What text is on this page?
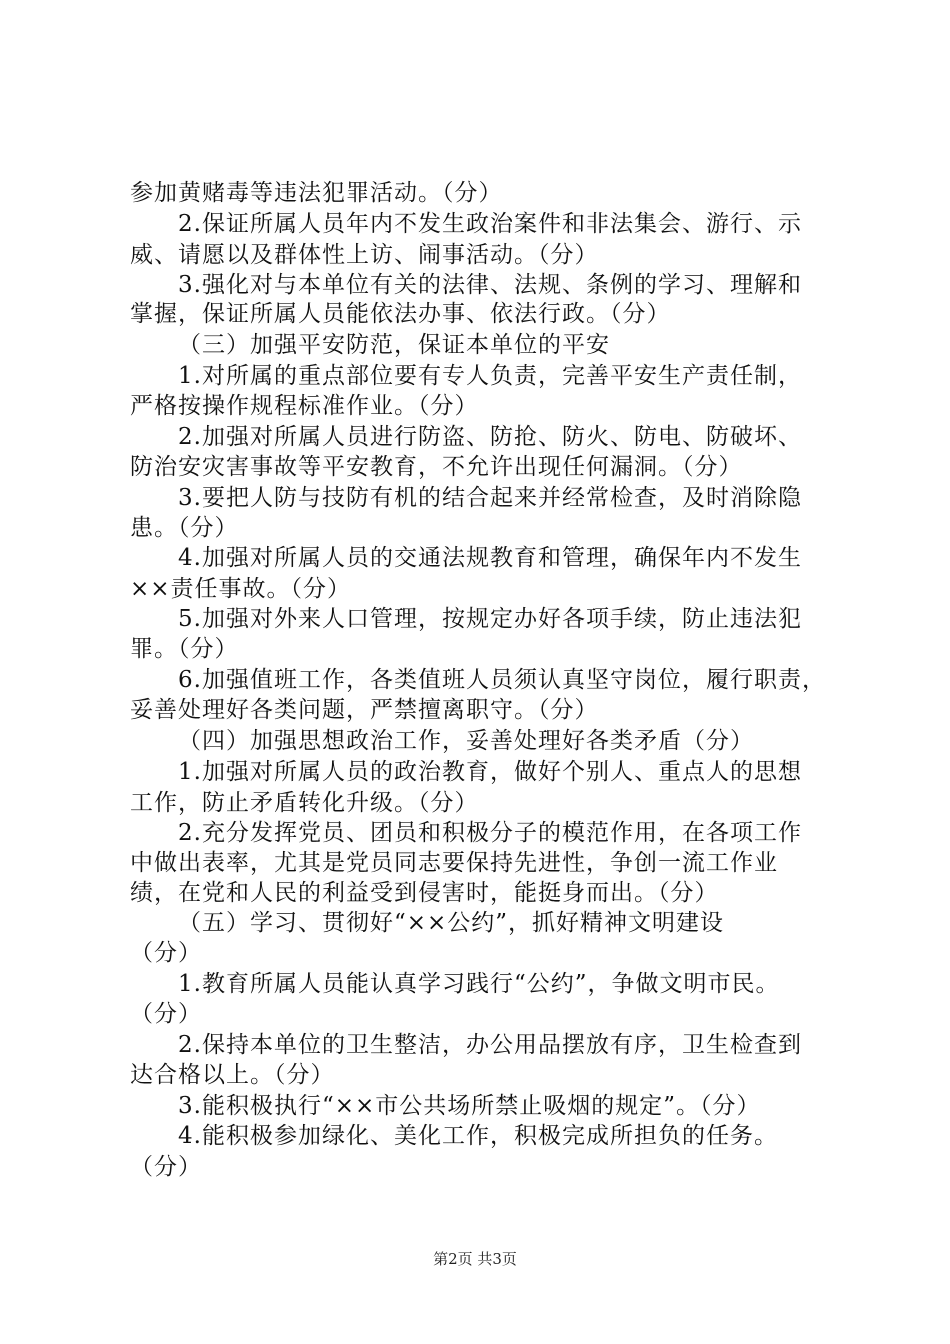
参加黄赌毒等违法犯罪活动。（分）
2.保证所属人员年内不发生政治案件和非法集会、游行、示
威、请愿以及群体性上访、闹事活动。（分）
3.强化对与本单位有关的法律、法规、条例的学习、理解和
掌握，保证所属人员能依法办事、依法行政。（分）
（三）加强平安防范，保证本单位的平安
1.对所属的重点部位要有专人负责，完善平安生产责任制，
严格按操作规程标准作业。（分）
2.加强对所属人员进行防盗、防抢、防火、防电、防破坏、
防治安灾害事故等平安教育，不允许出现任何漏洞。（分）
3.要把人防与技防有机的结合起来并经常检查，及时消除隐
患。（分）
4.加强对所属人员的交通法规教育和管理，确保年内不发生
××责任事故。（分）
5.加强对外来人口管理，按规定办好各项手续，防止违法犯
罪。（分）
6.加强值班工作，各类值班人员须认真坚守岗位，履行职责，
妥善处理好各类问题，严禁擅离职守。（分）
（四）加强思想政治工作，妥善处理好各类矛盾（分）
1.加强对所属人员的政治教育，做好个别人、重点人的思想
工作，防止矛盾转化升级。（分）
2.充分发挥党员、团员和积极分子的模范作用，在各项工作
中做出表率，尤其是党员同志要保持先进性，争创一流工作业
绩，在党和人民的利益受到侵害时，能挺身而出。（分）
（五）学习、贯彻好“××公约”，抓好精神文明建设
（分）
1.教育所属人员能认真学习践行“公约”，争做文明市民。
（分）
2.保持本单位的卫生整洁，办公用品摆放有序，卫生检查到
达合格以上。（分）
3.能积极执行“××市公共场所禁止吸烟的规定”。（分）
4.能积极参加绿化、美化工作，积极完成所担负的任务。
（分）
第2页 共3页
